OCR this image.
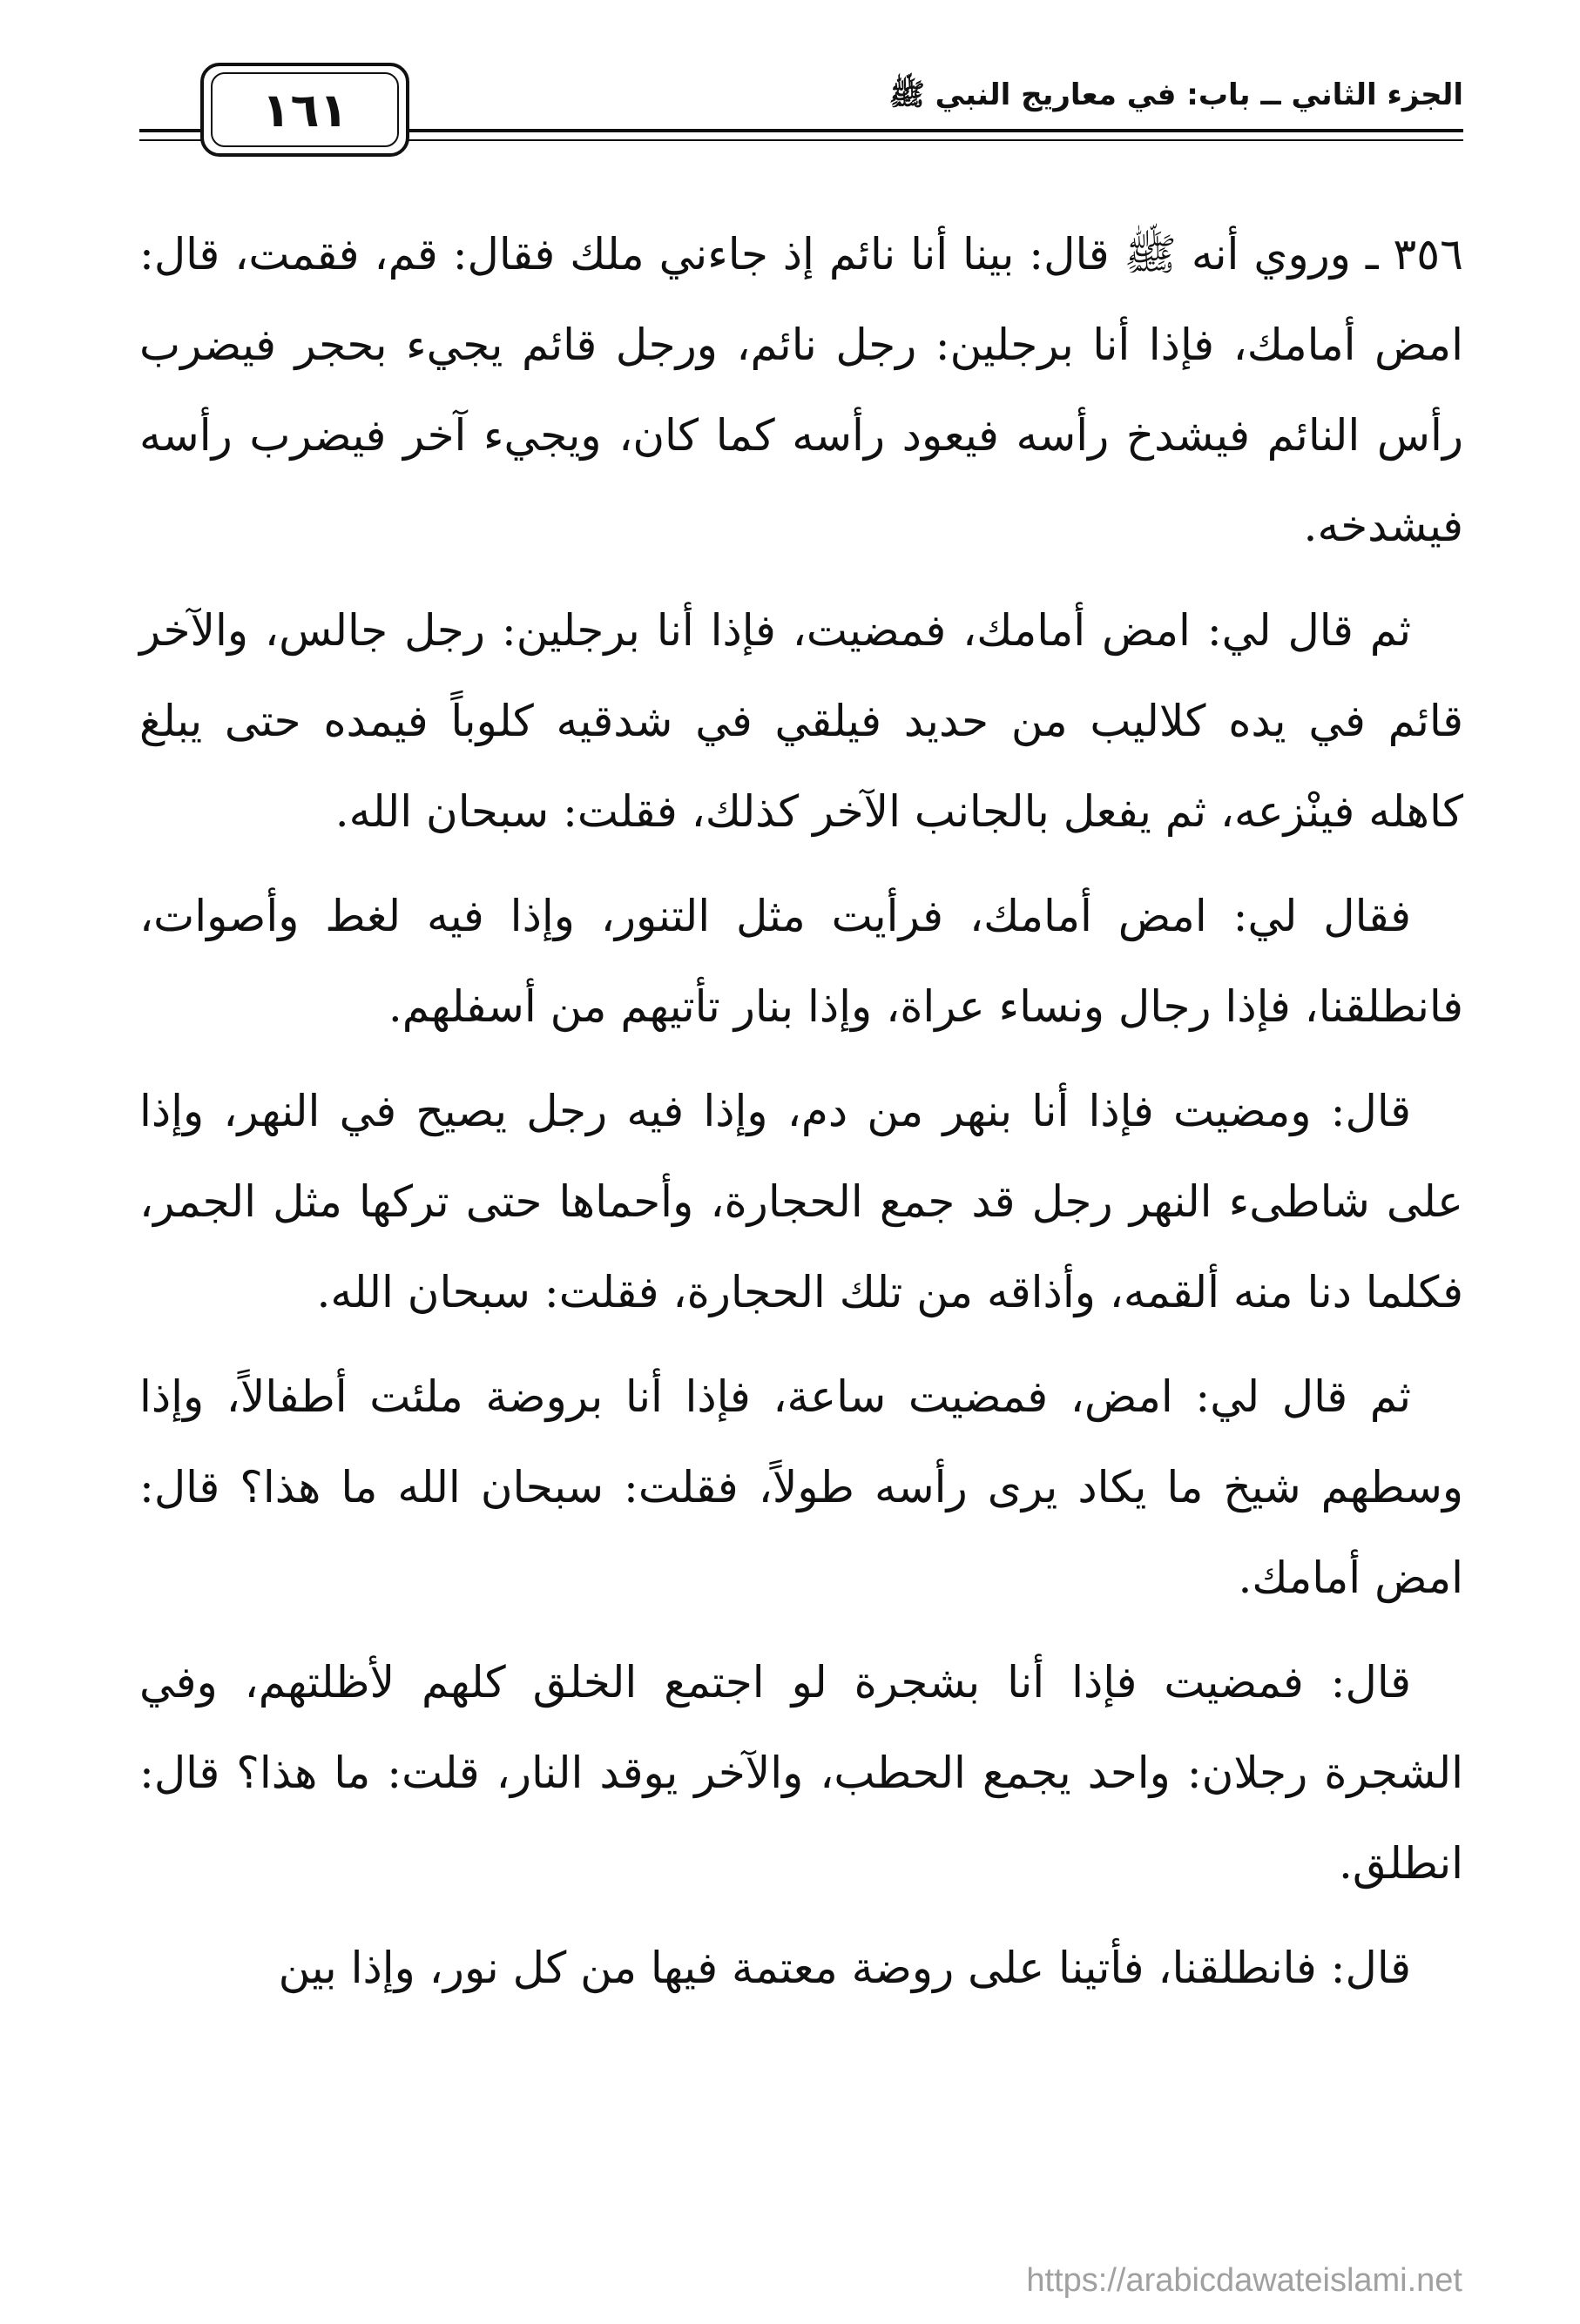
الجزء الثاني ــ باب: في معاريج النبي ﷺ
١٦١

٣٥٦ ـ وروي أنه ﷺ قال: بينا أنا نائم إذ جاءني ملك فقال: قم، فقمت، قال: امض أمامك، فإذا أنا برجلين: رجل نائم، ورجل قائم يجيء بحجر فيضرب رأس النائم فيشدخ رأسه فيعود رأسه كما كان، ويجيء آخر فيضرب رأسه فيشدخه.

ثم قال لي: امض أمامك، فمضيت، فإذا أنا برجلين: رجل جالس، والآخر قائم في يده كلاليب من حديد فيلقي في شدقيه كلوباً فيمده حتى يبلغ كاهله فينْزعه، ثم يفعل بالجانب الآخر كذلك، فقلت: سبحان الله.

فقال لي: امض أمامك، فرأيت مثل التنور، وإذا فيه لغط وأصوات، فانطلقنا، فإذا رجال ونساء عراة، وإذا بنار تأتيهم من أسفلهم.

قال: ومضيت فإذا أنا بنهر من دم، وإذا فيه رجل يصيح في النهر، وإذا على شاطىء النهر رجل قد جمع الحجارة، وأحماها حتى تركها مثل الجمر، فكلما دنا منه ألقمه، وأذاقه من تلك الحجارة، فقلت: سبحان الله.

ثم قال لي: امض، فمضيت ساعة، فإذا أنا بروضة ملئت أطفالاً، وإذا وسطهم شيخ ما يكاد يرى رأسه طولاً، فقلت: سبحان الله ما هذا؟ قال: امض أمامك.

قال: فمضيت فإذا أنا بشجرة لو اجتمع الخلق كلهم لأظلتهم، وفي الشجرة رجلان: واحد يجمع الحطب، والآخر يوقد النار، قلت: ما هذا؟ قال: انطلق.

قال: فانطلقنا، فأتينا على روضة معتمة فيها من كل نور، وإذا بين

https://arabicdawateislami.net
